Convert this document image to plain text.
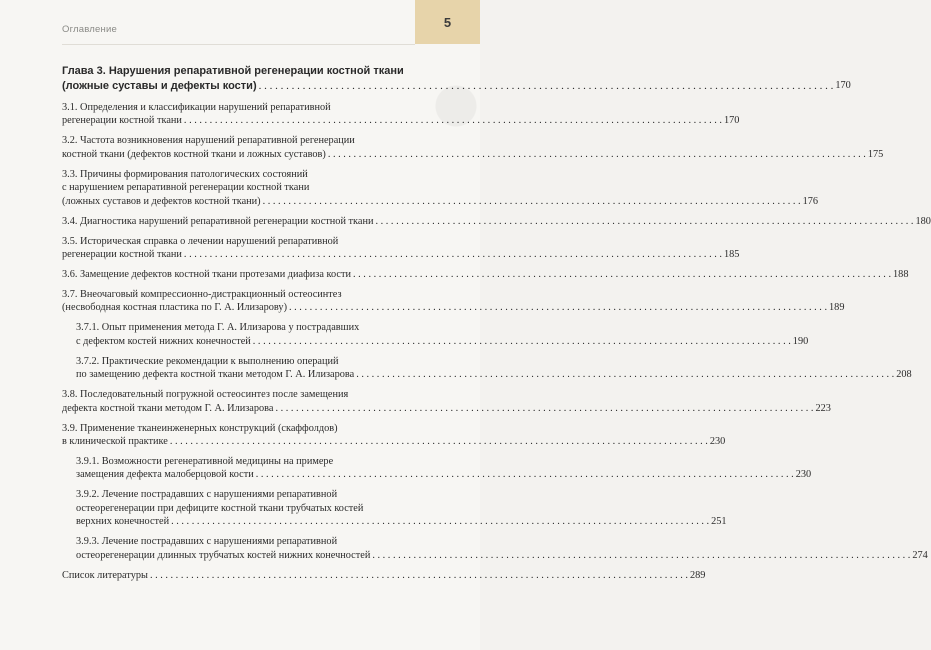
Оглавление	5
Глава 3. Нарушения репаративной регенерации костной ткани
(ложные суставы и дефекты кости) . . .	170
3.1. Определения и классификации нарушений репаративной
регенерации костной ткани . . .	170
3.2. Частота возникновения нарушений репаративной регенерации
костной ткани (дефектов костной ткани и ложных суставов) . . .	175
3.3. Причины формирования патологических состояний
с нарушением репаративной регенерации костной ткани
(ложных суставов и дефектов костной ткани) . . .	176
3.4. Диагностика нарушений репаративной регенерации костной ткани . . .	180
3.5. Историческая справка о лечении нарушений репаративной
регенерации костной ткани . . .	185
3.6. Замещение дефектов костной ткани протезами диафиза кости . . .	188
3.7. Внеочаговый компрессионно-дистракционный остеосинтез
(несвободная костная пластика по Г. А. Илизарову) . . .	189
3.7.1. Опыт применения метода Г. А. Илизарова у пострадавших
с дефектом костей нижних конечностей . . .	190
3.7.2. Практические рекомендации к выполнению операций
по замещению дефекта костной ткани методом Г. А. Илизарова . . .	208
3.8. Последовательный погружной остеосинтез после замещения
дефекта костной ткани методом Г. А. Илизарова . . .	223
3.9. Применение тканеинженерных конструкций (скаффолдов)
в клинической практике . . .	230
3.9.1. Возможности регенеративной медицины на примере
замещения дефекта малоберцовой кости . . .	230
3.9.2. Лечение пострадавших с нарушениями репаративной
остеорегенерации при дефиците костной ткани трубчатых костей
верхних конечностей . . .	251
3.9.3. Лечение пострадавших с нарушениями репаративной
остеорегенерации длинных трубчатых костей нижних конечностей . . .	274
Список литературы . . .	289
